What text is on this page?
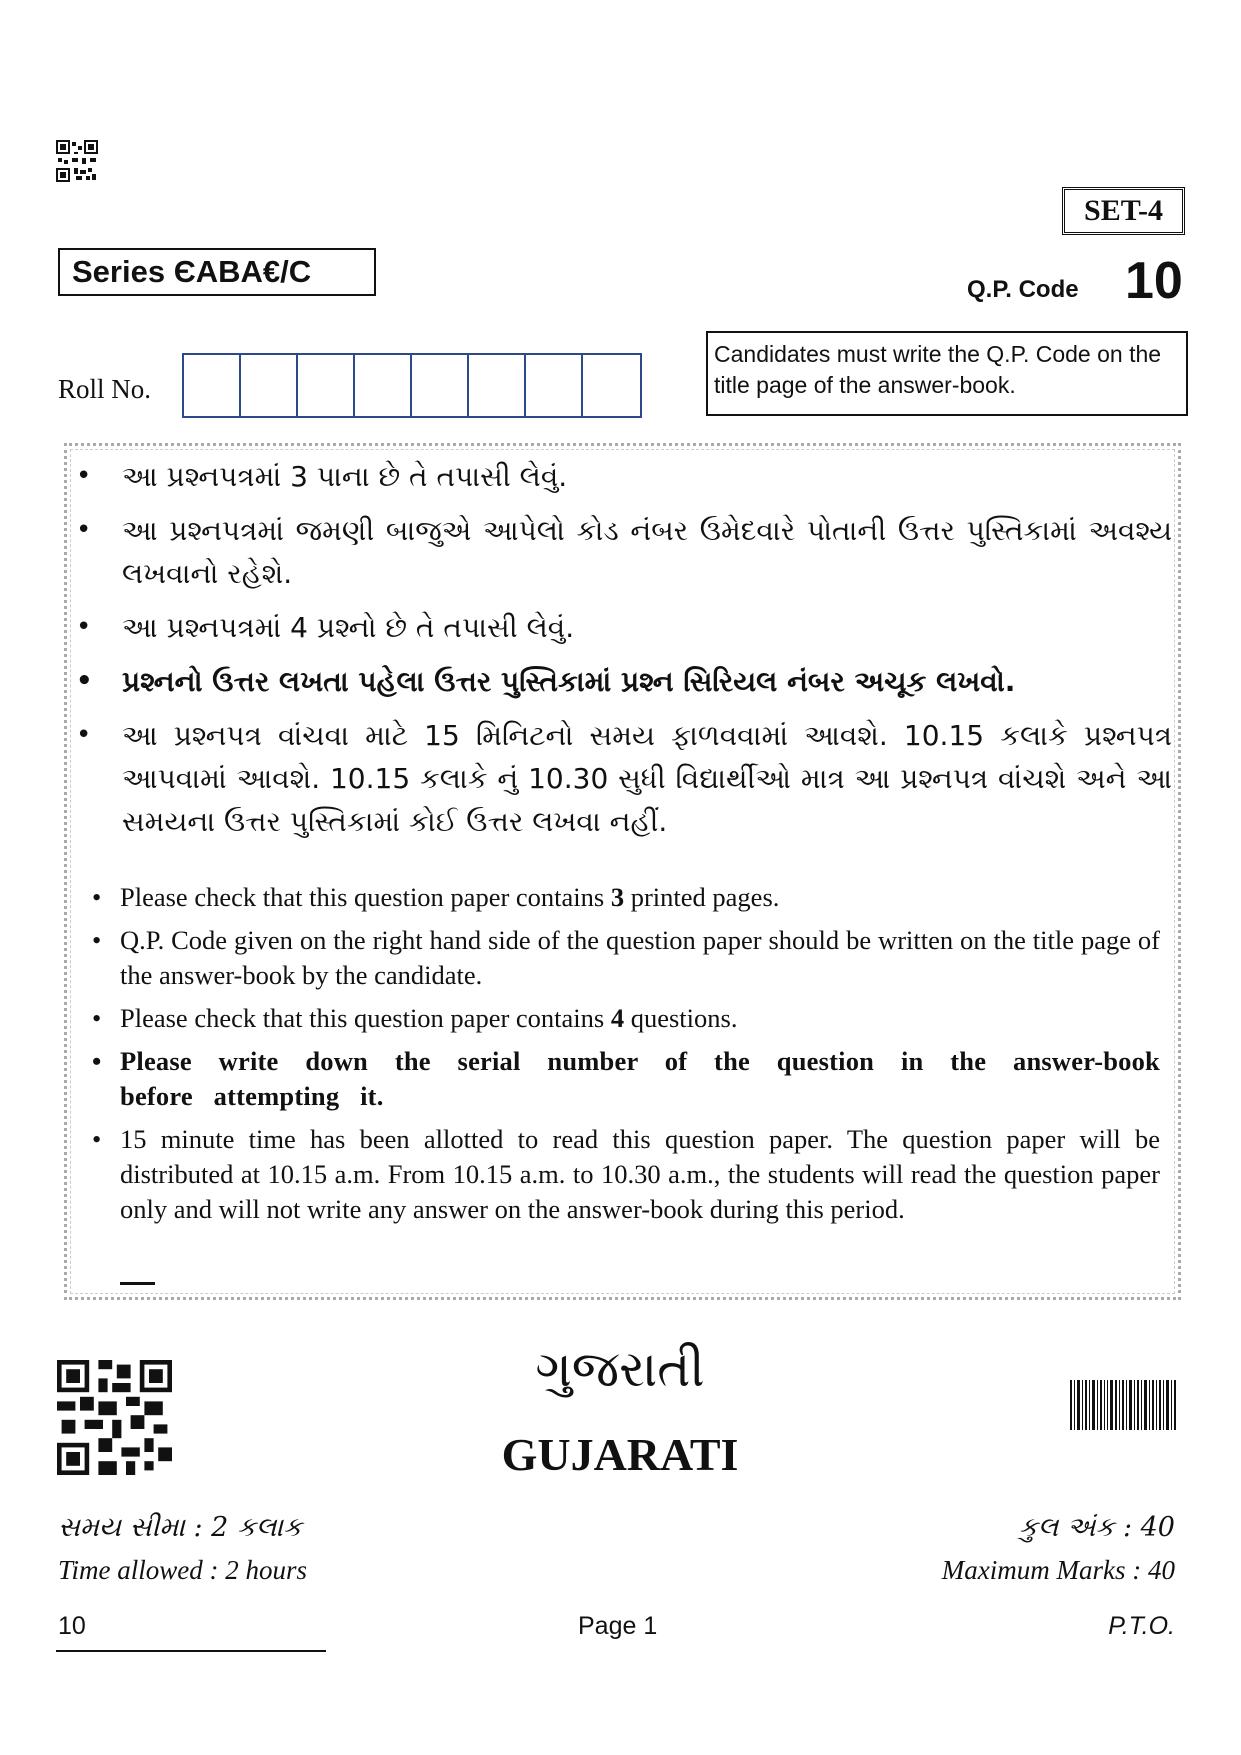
SET-4
Series ЄABA€/C
Q.P. Code 10
Roll No.
Candidates must write the Q.P. Code on the title page of the answer-book.
• આ પ્રશ્નપત્રમાં 3 પાના છે તે તપાસી લેવું.
• આ પ્રશ્નપત્રમાં જમણી બાજુએ આપેલો કોડ નંબર ઉમેદવારે પોતાની ઉત્તર પુસ્તિકામાં અવશ્ય લખવાનો રહેશે.
• આ પ્રશ્નપત્રમાં 4 પ્રશ્નો છે તે તપાસી લેવું.
• પ્રશ્નનો ઉત્તર લખતા પહેલા ઉત્તર પુસ્તિકામાં પ્રશ્ન સિરિયલ નંબર અચૂક લખવો.
• આ પ્રશ્નપત્ર વાંચવા માટે 15 મિનિટનો સમય ફાળવવામાં આવશે. 10.15 કલાકે પ્રશ્નપત્ર આપવામાં આવશે. 10.15 કલાકે નું 10.30 સુધી વિદ્યાર્થીઓ માત્ર આ પ્રશ્નપત્ર વાંચશે અને આ સમયના ઉત્તર પુસ્તિકામાં કોઈ ઉત્તર લખવા નહીં.
• Please check that this question paper contains 3 printed pages.
• Q.P. Code given on the right hand side of the question paper should be written on the title page of the answer-book by the candidate.
• Please check that this question paper contains 4 questions.
• Please write down the serial number of the question in the answer-book before attempting it.
• 15 minute time has been allotted to read this question paper. The question paper will be distributed at 10.15 a.m. From 10.15 a.m. to 10.30 a.m., the students will read the question paper only and will not write any answer on the answer-book during this period.
ગુજરાતી
GUJARATI
સમય સીમા : 2 કલાક
Time allowed : 2 hours
કુલ અંક : 40
Maximum Marks : 40
10	Page 1	P.T.O.
